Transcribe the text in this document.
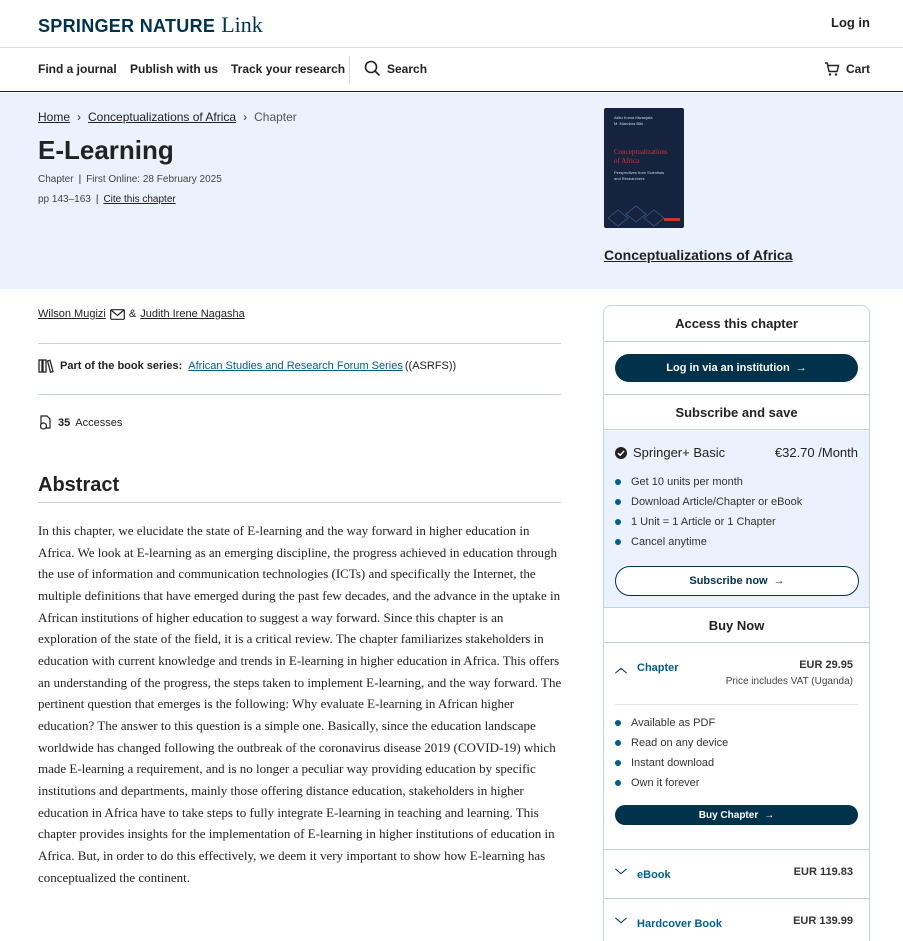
SPRINGER NATURE Link	Log in
Find a journal Publish with us Track your research	Search	Cart
Home › Conceptualizations of Africa › Chapter
E-Learning
Chapter | First Online: 28 February 2025
pp 143–163 | Cite this chapter
Akilu Kuma Mwanjata
M. Mandara Bibi
Conceptualizations
of Africa
Perspectives from Scientists
and Researchers
Conceptualizations of Africa
Wilson Mugizi & Judith Irene Nagasha
Part of the book series: African Studies and Research Forum Series ((ASRFS))
35 Accesses
Abstract

In this chapter, we elucidate the state of E-learning and the way forward in higher education in Africa. We look at E-learning as an emerging discipline, the progress achieved in education through the use of information and communication technologies (ICTs) and specifically the Internet, the multiple definitions that have emerged during the past few decades, and the advance in the uptake in African institutions of higher education to suggest a way forward. Since this chapter is an exploration of the state of the field, it is a critical review. The chapter familiarizes stakeholders in education with current knowledge and trends in E-learning in higher education in Africa. This offers an understanding of the progress, the steps taken to implement E-learning, and the way forward. The pertinent question that emerges is the following: Why evaluate E-learning in African higher education? The answer to this question is a simple one. Basically, since the education landscape worldwide has changed following the outbreak of the coronavirus disease 2019 (COVID-19) which made E-learning a requirement, and is no longer a peculiar way providing education by specific institutions and departments, mainly those offering distance education, stakeholders in higher education in Africa have to take steps to fully integrate E-learning in teaching and learning. This chapter provides insights for the implementation of E-learning in higher institutions of education in Africa. But, in order to do this effectively, we deem it very important to show how E-learning has conceptualized the continent.

Access this chapter
Log in via an institution →
Subscribe and save
Springer+ Basic	€32.70 /Month
Get 10 units per month
Download Article/Chapter or eBook
1 Unit = 1 Article or 1 Chapter
Cancel anytime
Subscribe now →
Buy Now
︿ Chapter	EUR 29.95
Price includes VAT (Uganda)
Available as PDF
Read on any device
Instant download
Own it forever
Buy Chapter →
﹀ eBook	EUR 119.83
﹀ Hardcover Book	EUR 139.99
